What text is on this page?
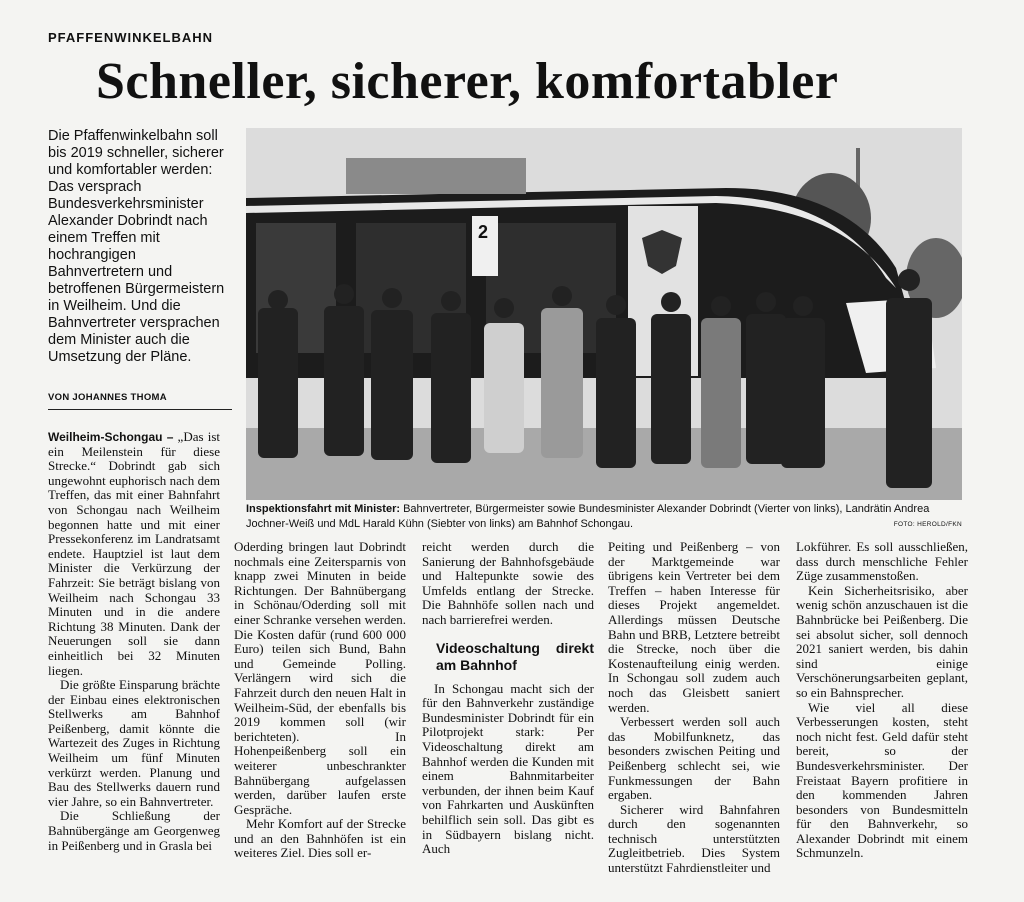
PFAFFENWINKELBAHN
Schneller, sicherer, komfortabler
Die Pfaffenwinkelbahn soll bis 2019 schneller, sicherer und komfortabler werden: Das versprach Bundesverkehrsminister Alexander Dobrindt nach einem Treffen mit hochrangigen Bahnvertretern und betroffenen Bürgermeistern in Weilheim. Und die Bahnvertreter versprachen dem Minister auch die Umsetzung der Pläne.
VON JOHANNES THOMA
2
Inspektionsfahrt mit Minister: Bahnvertreter, Bürgermeister sowie Bundesminister Alexander Dobrindt (Vierter von links), Landrätin Andrea Jochner-Weiß und MdL Harald Kühn (Siebter von links) am Bahnhof Schongau.	FOTO: HEROLD/FKN

Weilheim-Schongau – „Das ist ein Meilenstein für diese Strecke.“ Dobrindt gab sich ungewohnt euphorisch nach dem Treffen, das mit einer Bahnfahrt von Schongau nach Weilheim begonnen hatte und mit einer Pressekonferenz im Landratsamt endete. Hauptziel ist laut dem Minister die Verkürzung der Fahrzeit: Sie beträgt bislang von Weilheim nach Schongau 33 Minuten und in die andere Richtung 38 Minuten. Dank der Neuerungen soll sie dann einheitlich bei 32 Minuten liegen.

Die größte Einsparung brächte der Einbau eines elektronischen Stellwerks am Bahnhof Peißenberg, damit könnte die Wartezeit des Zuges in Richtung Weilheim um fünf Minuten verkürzt werden. Planung und Bau des Stellwerks dauern rund vier Jahre, so ein Bahnvertreter.

Die Schließung der Bahnübergänge am Georgenweg in Peißenberg und in Grasla bei

Oderding bringen laut Dobrindt nochmals eine Zeitersparnis von knapp zwei Minuten in beide Richtungen. Der Bahnübergang in Schönau/Oderding soll mit einer Schranke versehen werden. Die Kosten dafür (rund 600 000 Euro) teilen sich Bund, Bahn und Gemeinde Polling. Verlängern wird sich die Fahrzeit durch den neuen Halt in Weilheim-Süd, der ebenfalls bis 2019 kommen soll (wir berichteten). In Hohenpeißenberg soll ein weiterer unbeschrankter Bahnübergang aufgelassen werden, darüber laufen erste Gespräche.

Mehr Komfort auf der Strecke und an den Bahnhöfen ist ein weiteres Ziel. Dies soll er-

reicht werden durch die Sanierung der Bahnhofsgebäude und Haltepunkte sowie des Umfelds entlang der Strecke. Die Bahnhöfe sollen nach und nach barrierefrei werden.

Videoschaltung direkt am Bahnhof

In Schongau macht sich der für den Bahnverkehr zuständige Bundesminister Dobrindt für ein Pilotprojekt stark: Per Videoschaltung direkt am Bahnhof werden die Kunden mit einem Bahnmitarbeiter verbunden, der ihnen beim Kauf von Fahrkarten und Auskünften behilflich sein soll. Das gibt es in Südbayern bislang nicht. Auch

Peiting und Peißenberg – von der Marktgemeinde war übrigens kein Vertreter bei dem Treffen – haben Interesse für dieses Projekt angemeldet. Allerdings müssen Deutsche Bahn und BRB, Letztere betreibt die Strecke, noch über die Kostenaufteilung einig werden. In Schongau soll zudem auch noch das Gleisbett saniert werden.

Verbessert werden soll auch das Mobilfunknetz, das besonders zwischen Peiting und Peißenberg schlecht sei, wie Funkmessungen der Bahn ergaben.

Sicherer wird Bahnfahren durch den sogenannten technisch unterstützten Zugleitbetrieb. Dies System unterstützt Fahrdienstleiter und

Lokführer. Es soll ausschließen, dass durch menschliche Fehler Züge zusammenstoßen.

Kein Sicherheitsrisiko, aber wenig schön anzuschauen ist die Bahnbrücke bei Peißenberg. Die sei absolut sicher, soll dennoch 2021 saniert werden, bis dahin sind einige Verschönerungsarbeiten geplant, so ein Bahnsprecher.

Wie viel all diese Verbesserungen kosten, steht noch nicht fest. Geld dafür steht bereit, so der Bundesverkehrsminister. Der Freistaat Bayern profitiere in den kommenden Jahren besonders von Bundesmitteln für den Bahnverkehr, so Alexander Dobrindt mit einem Schmunzeln.
